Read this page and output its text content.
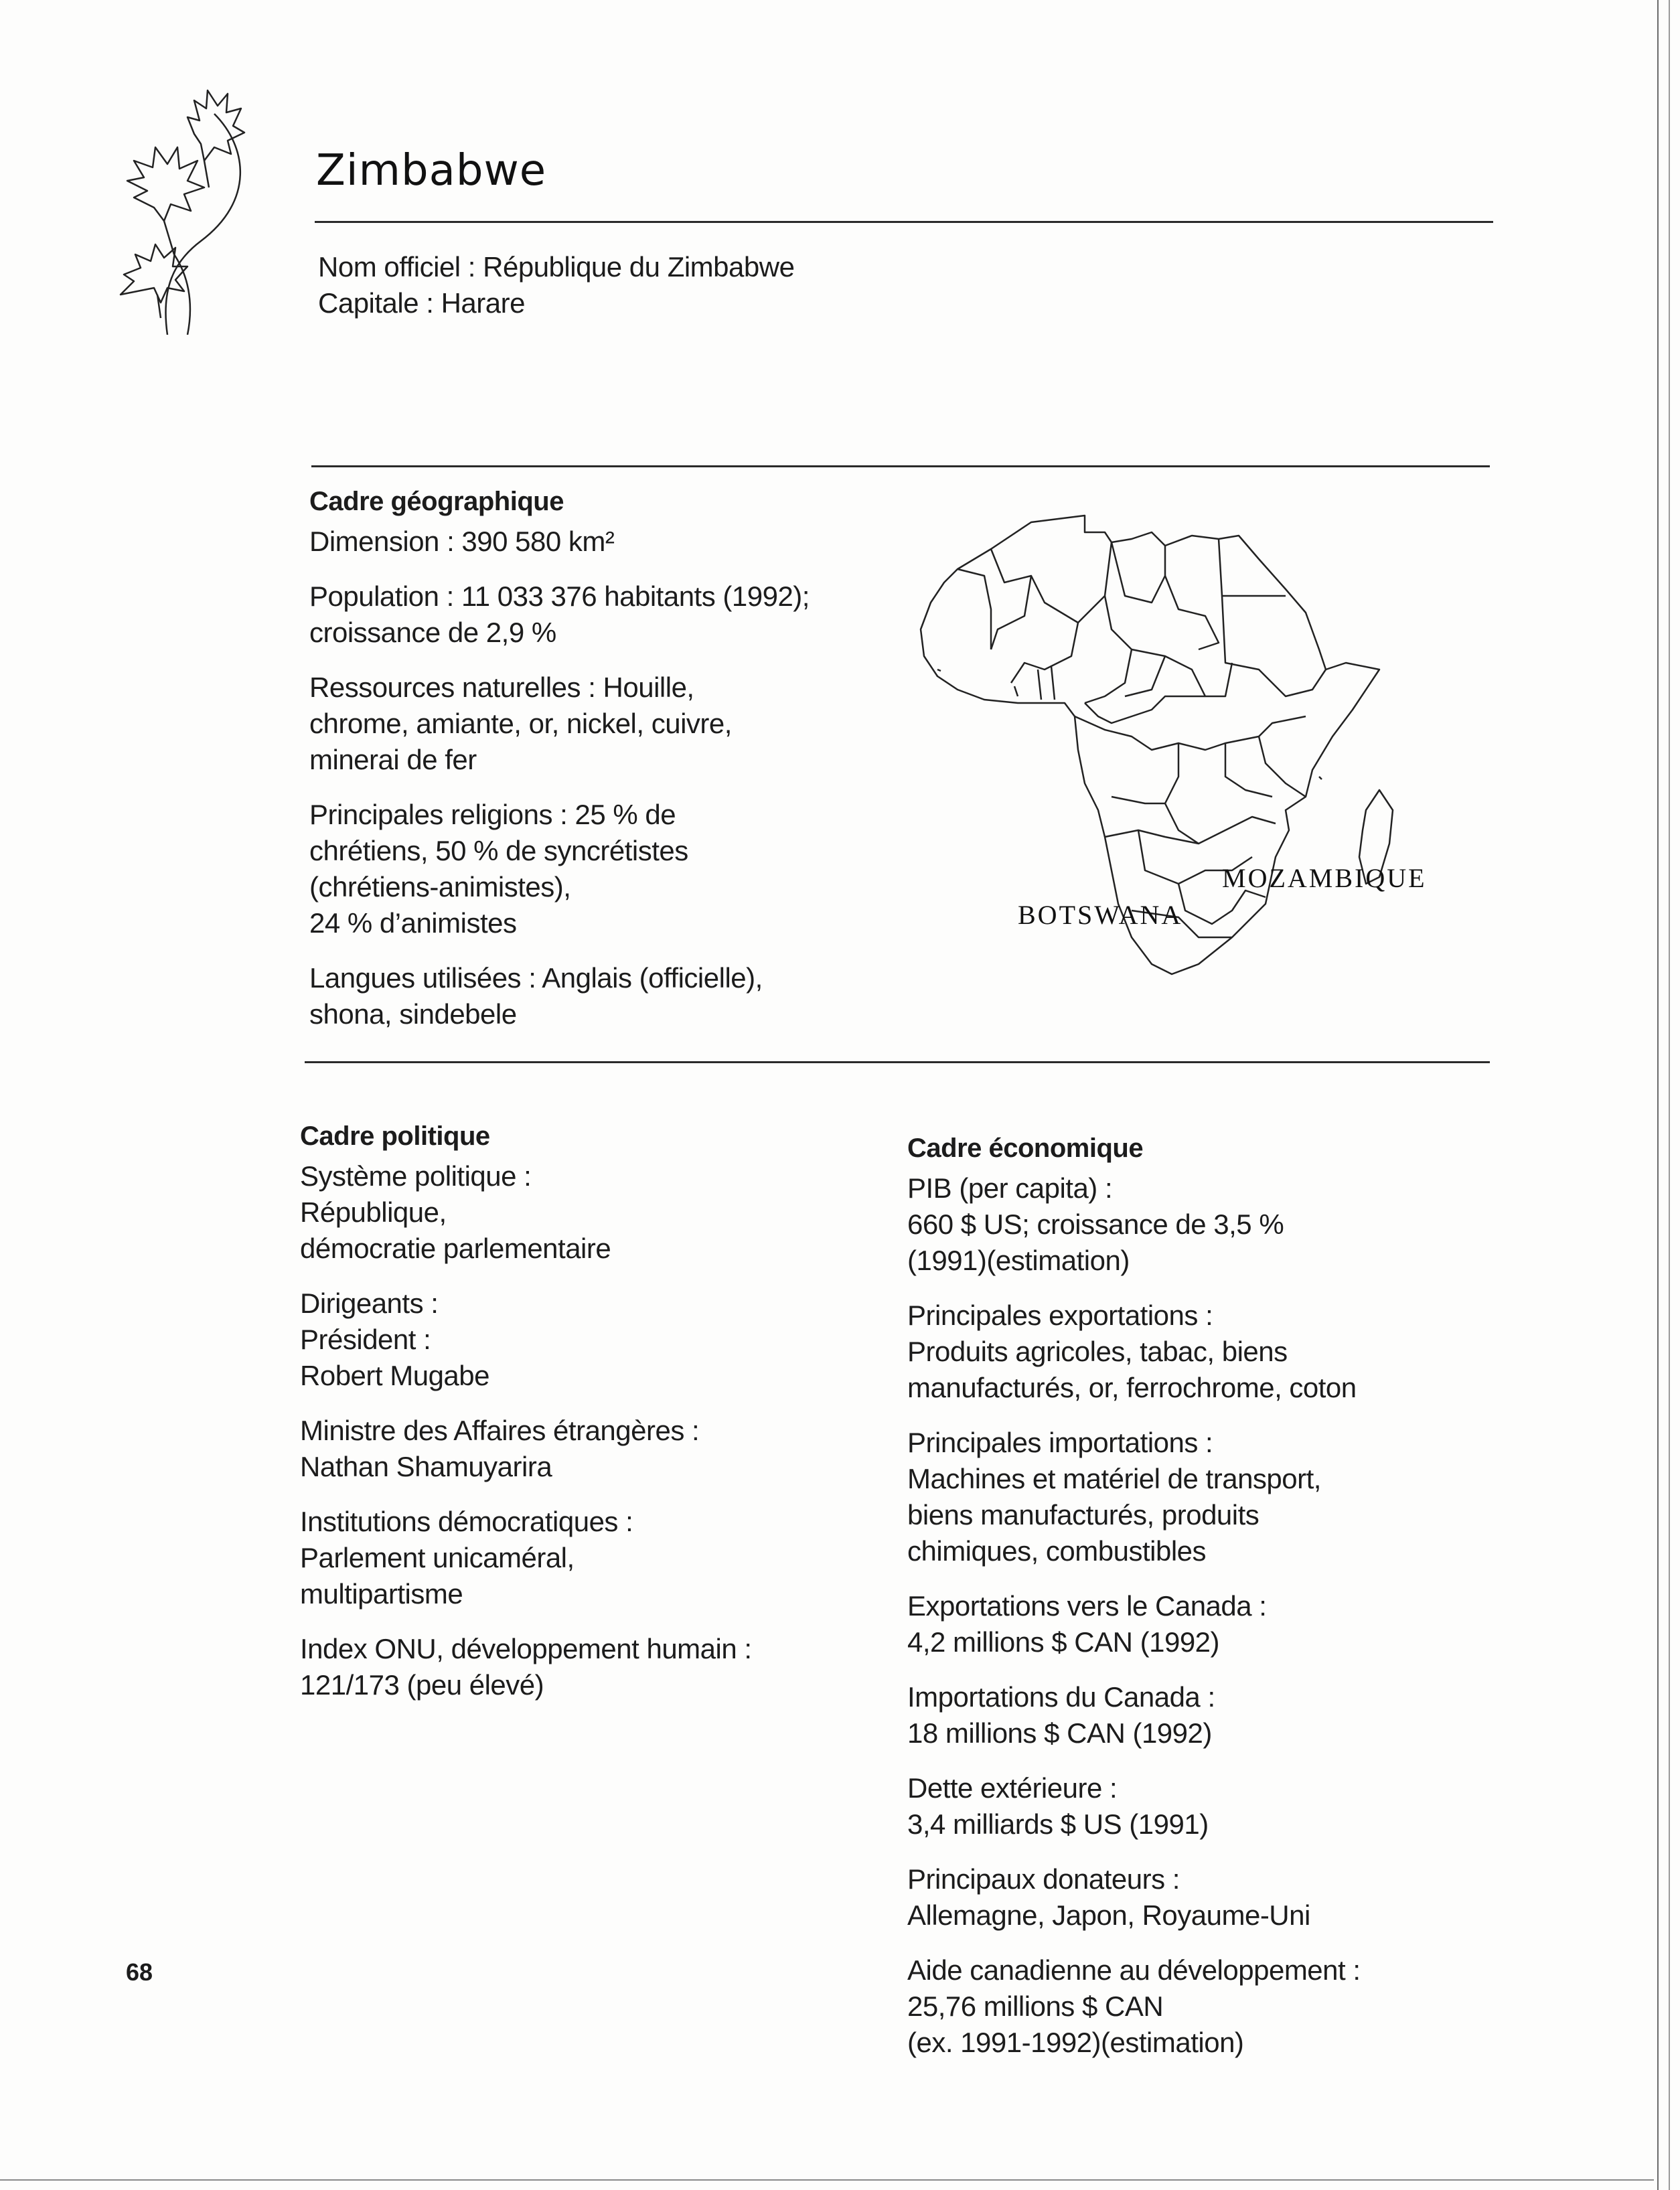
Zimbabwe
Nom officiel : République du Zimbabwe
Capitale : Harare
Cadre géographique
Dimension : 390 580 km²
Population : 11 033 376 habitants (1992);
croissance de 2,9 %
Ressources naturelles : Houille,
chrome, amiante, or, nickel, cuivre,
minerai de fer
Principales religions : 25 % de
chrétiens, 50 % de syncrétistes
(chrétiens-animistes),
24 % d’animistes
Langues utilisées : Anglais (officielle),
shona, sindebele
BOTSWANA
MOZAMBIQUE
Cadre politique
Système politique :
République,
démocratie parlementaire
Dirigeants :
Président :
Robert Mugabe
Ministre des Affaires étrangères :
Nathan Shamuyarira
Institutions démocratiques :
Parlement unicaméral,
multipartisme
Index ONU, développement humain :
121/173 (peu élevé)
Cadre économique
PIB (per capita) :
660 $ US; croissance de 3,5 %
(1991)(estimation)
Principales exportations :
Produits agricoles, tabac, biens
manufacturés, or, ferrochrome, coton
Principales importations :
Machines et matériel de transport,
biens manufacturés, produits
chimiques, combustibles
Exportations vers le Canada :
4,2 millions $ CAN (1992)
Importations du Canada :
18 millions $ CAN (1992)
Dette extérieure :
3,4 milliards $ US (1991)
Principaux donateurs :
Allemagne, Japon, Royaume-Uni
Aide canadienne au développement :
25,76 millions $ CAN
(ex. 1991-1992)(estimation)
68
